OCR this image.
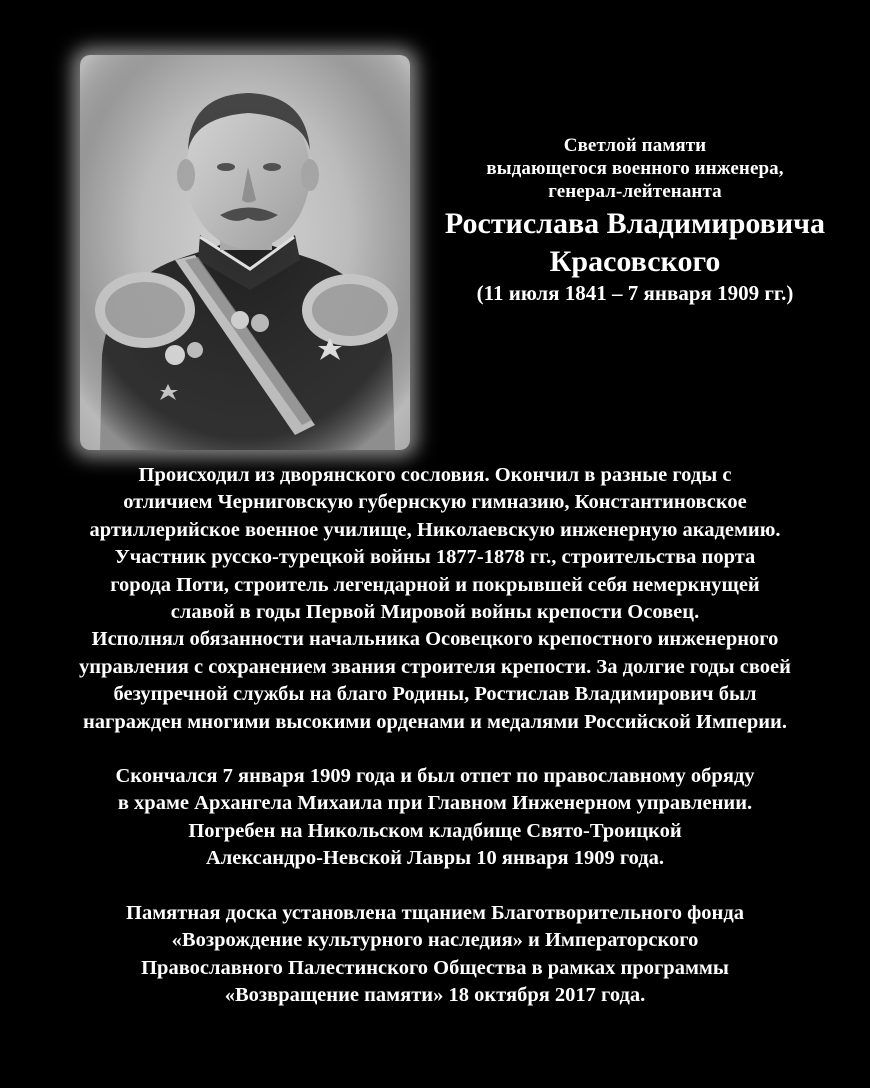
Светлой памяти
выдающегося военного инженера,
генерал-лейтенанта
Ростислава Владимировича
Красовского
(11 июля 1841 – 7 января 1909 гг.)
Происходил из дворянского сословия. Окончил в разные годы с
отличием Черниговскую губернскую гимназию, Константиновское
артиллерийское военное училище, Николаевскую инженерную академию.
Участник русско-турецкой войны 1877-1878 гг., строительства порта
города Поти, строитель легендарной и покрывшей себя немеркнущей
славой в годы Первой Мировой войны крепости Осовец.
Исполнял обязанности начальника Осовецкого крепостного инженерного
управления с сохранением звания строителя крепости. За долгие годы своей
безупречной службы на благо Родины, Ростислав Владимирович был
награжден многими высокими орденами и медалями Российской Империи.
Скончался 7 января 1909 года и был отпет по православному обряду
в храме Архангела Михаила при Главном Инженерном управлении.
Погребен на Никольском кладбище Свято-Троицкой
Александро-Невской Лавры 10 января 1909 года.
Памятная доска установлена тщанием Благотворительного фонда
«Возрождение культурного наследия» и Императорского
Православного Палестинского Общества в рамках программы
«Возвращение памяти» 18 октября 2017 года.
